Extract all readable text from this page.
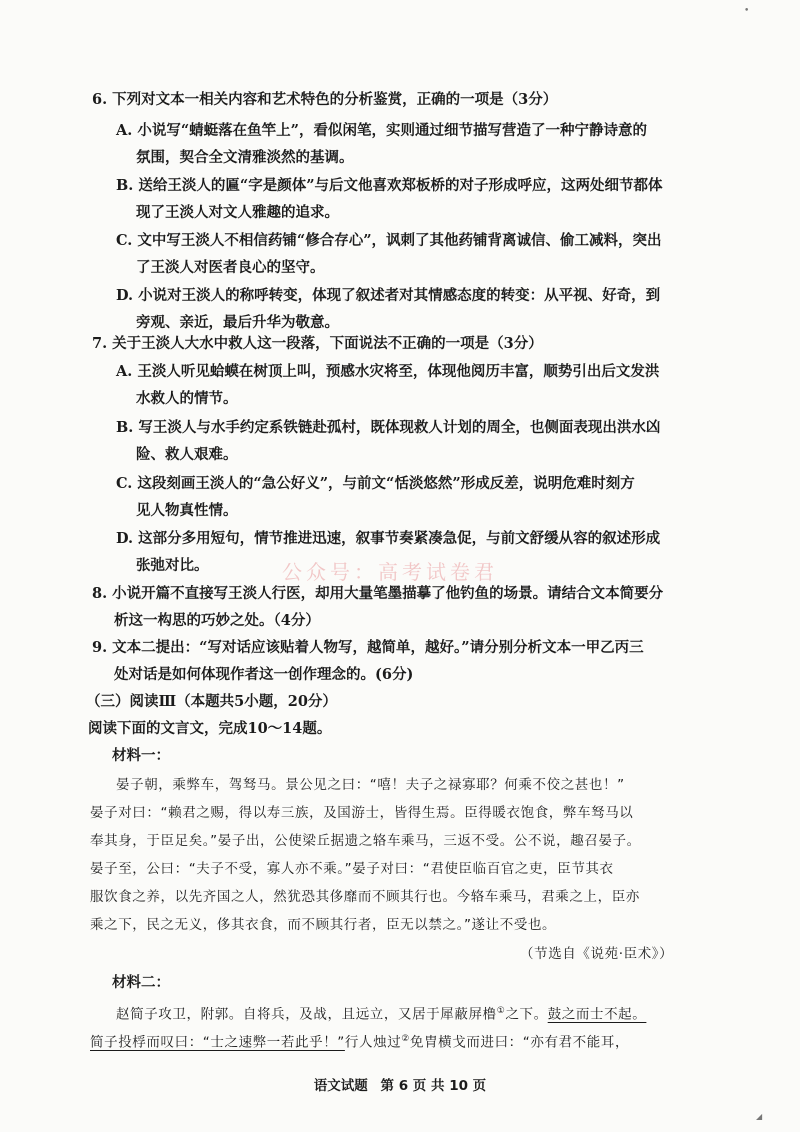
•
6. 下列对文本一相关内容和艺术特色的分析鉴赏，正确的一项是（3分）
A. 小说写“蜻蜓落在鱼竿上”，看似闲笔，实则通过细节描写营造了一种宁静诗意的
氛围，契合全文清雅淡然的基调。
B. 送给王淡人的匾“字是颜体”与后文他喜欢郑板桥的对子形成呼应，这两处细节都体
现了王淡人对文人雅趣的追求。
C. 文中写王淡人不相信药铺“修合存心”，讽刺了其他药铺背离诚信、偷工减料，突出
了王淡人对医者良心的坚守。
D. 小说对王淡人的称呼转变，体现了叙述者对其情感态度的转变：从平视、好奇，到
旁观、亲近，最后升华为敬意。
7. 关于王淡人大水中救人这一段落，下面说法不正确的一项是（3分）
A. 王淡人听见蛤蟆在树顶上叫，预感水灾将至，体现他阅历丰富，顺势引出后文发洪
水救人的情节。
B. 写王淡人与水手约定系铁链赴孤村，既体现救人计划的周全，也侧面表现出洪水凶
险、救人艰难。
C. 这段刻画王淡人的“急公好义”，与前文“恬淡悠然”形成反差，说明危难时刻方
见人物真性情。
D. 这部分多用短句，情节推进迅速，叙事节奏紧凑急促，与前文舒缓从容的叙述形成
张弛对比。	公众号：高考试卷君
8. 小说开篇不直接写王淡人行医，却用大量笔墨描摹了他钓鱼的场景。请结合文本简要分
析这一构思的巧妙之处。（4分）
9. 文本二提出：“写对话应该贴着人物写，越简单，越好。”请分别分析文本一甲乙丙三
处对话是如何体现作者这一创作理念的。(6分)
（三）阅读Ⅲ（本题共5小题，20分）
阅读下面的文言文，完成10～14题。
材料一：
晏子朝，乘弊车，驾驽马。景公见之曰：“嘻！夫子之禄寡耶？何乘不佼之甚也！”
晏子对曰：“赖君之赐，得以寿三族，及国游士，皆得生焉。臣得暖衣饱食，弊车驽马以
奉其身，于臣足矣。”晏子出，公使梁丘据遗之辂车乘马，三返不受。公不说，趣召晏子。
晏子至，公曰：“夫子不受，寡人亦不乘。”晏子对曰：“君使臣临百官之吏，臣节其衣
服饮食之养，以先齐国之人，然犹恐其侈靡而不顾其行也。今辂车乘马，君乘之上，臣亦
乘之下，民之无义，侈其衣食，而不顾其行者，臣无以禁之。”遂让不受也。
（节选自《说苑·臣术》）
材料二：
赵简子攻卫，附郭。自将兵，及战，且远立，又居于犀蔽屏橹①之下。鼓之而士不起。
简子投桴而叹曰：“士之速弊一若此乎！”行人烛过②免胄横戈而进曰：“亦有君不能耳，
语文试题 第 6 页 共 10 页
◢
